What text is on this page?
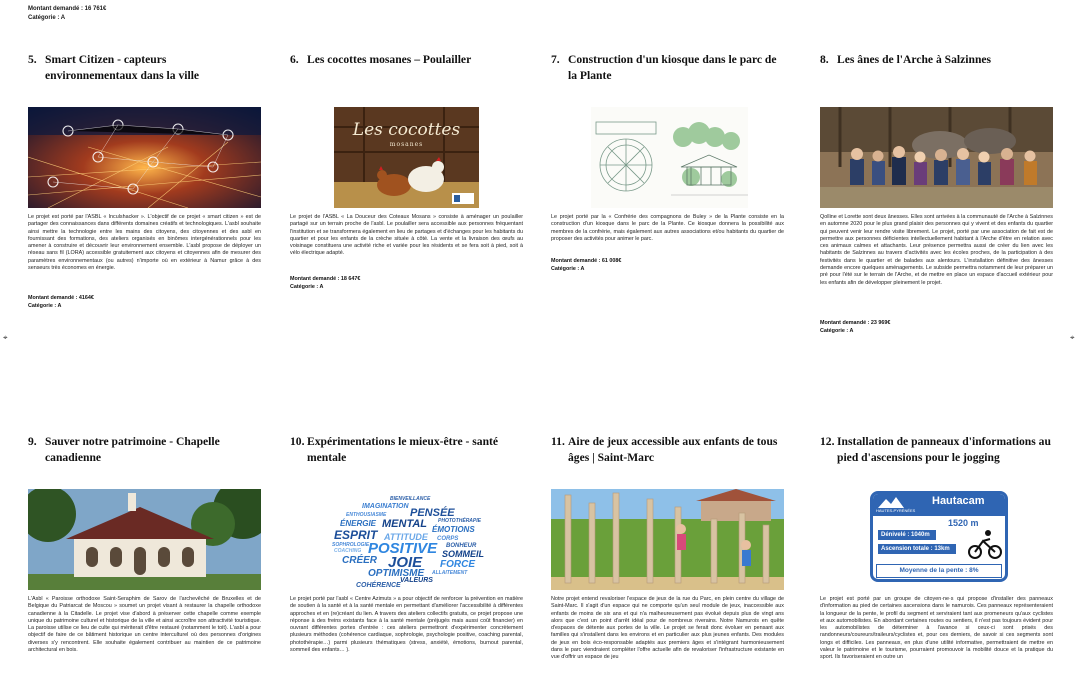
Montant demandé : 16 761€
Catégorie : A
⌖	⌖
5. Smart Citizen - capteurs environnementaux dans la ville

Le projet est porté par l'ASBL « Inculshacker ». L'objectif de ce projet « smart citizen » est de partager des connaissances dans différents domaines créatifs et technologiques. L'asbl souhaite ainsi mettre la technologie entre les mains des citoyens, des citoyennes et des asbl en fournissant des formations, des ateliers organisés en binômes intergénérationnels pour les amener à construire et découvrir leur environnement ensemble. L'asbl propose de déployer un réseau sans fil (LORA) accessible gratuitement aux citoyens et citoyennes afin de mesurer des paramètres environnementaux (ou autres) n'importe où en extérieur à Namur grâce à des senseurs très économes en énergie.

Montant demandé : 4164€
Catégorie : A
6. Les cocottes mosanes – Poulailler
Les cocottes
mosanes

Le projet de l'ASBL « La Douceur des Coteaux Mosans » consiste à aménager un poulailler partagé sur un terrain proche de l'asbl. Le poulailler sera accessible aux personnes fréquentant l'institution et se transformera également en lieu de partages et d'échanges pour les habitants du quartier et pour les enfants de la crèche située à côté. La vente et la livraison des œufs au voisinage constituera une activité riche et variée pour les résidents et se fera soit à pied, soit à vélo électrique adapté.

Montant demandé : 18 647€
Catégorie : A
7. Construction d'un kiosque dans le parc de la Plante

Le projet porté par la « Confrérie des compagnons de Buley » de la Plante consiste en la construction d'un kiosque dans le parc de la Plante. Ce kiosque donnera la possibilité aux membres de la confrérie, mais également aux autres associations et/ou habitants du quartier de proposer des activités pour animer le parc.

Montant demandé : 61 008€
Catégorie : A
8. Les ânes de l'Arche à Salzinnes

Qolline et Lorette sont deux ânesses. Elles sont arrivées à la communauté de l'Arche à Salzinnes en automne 2020 pour le plus grand plaisir des personnes qui y vivent et des enfants du quartier qui peuvent venir leur rendre visite librement. Le projet, porté par une association de fait est de permettre aux personnes déficientes intellectuellement habitant à l'Arche d'être en relation avec ces animaux calmes et attachants. Leur présence permettra aussi de créer du lien avec les habitants de Salzinnes au travers d'activités avec les écoles proches, de la participation à des festivités dans le quartier et de balades aux alentours. L'installation définitive des ânesses demande encore quelques aménagements. Le subside permettra notamment de leur préparer un pré pour l'été sur le terrain de l'Arche, et de mettre en place un espace d'accueil extérieur pour les enfants afin de développer pleinement le projet.

Montant demandé : 23 969€
Catégorie : A
9. Sauver notre patrimoine - Chapelle canadienne

L'Asbl « Paroisse orthodoxe Saint-Seraphim de Sarov de l'archevêché de Bruxelles et de Belgique du Patriarcat de Moscou » soumet un projet visant à restaurer la chapelle orthodoxe canadienne à la Citadelle. Le projet vise d'abord à préserver cette chapelle comme exemple unique du patrimoine culturel et historique de la ville et ainsi accroître son attractivité touristique. La paroisse utilise ce lieu de culte qui mériterait d'être restauré (notamment le toit). L'asbl a pour objectif de faire de ce bâtiment historique un centre interculturel où des personnes d'origines diverses s'y rencontrent. Elle souhaite également contribuer au maintien de ce patrimoine architectural en bois.

10. Expérimentations le mieux-être - santé mentale
BIENVEILLANCE
IMAGINATION
PENSÉE
ENTHOUSIASME
PHOTOTHÉRAPIE
ÉNERGIE MENTAL ÉMOTIONS
ESPRIT ATTITUDE CORPS
SOPHROLOGIE
POSITIVE BONHEUR
COACHING	SOMMEIL
CRÉER JOIE FORCE
ALLAITEMENT
OPTIMISME
VALEURS
COHÉRENCE

Le projet porté par l'asbl « Centre Azimuts » a pour objectif de renforcer la prévention en matière de soutien à la santé et à la santé mentale en permettant d'améliorer l'accessibilité à différentes approches et en (re)créant du lien. A travers des ateliers collectifs gratuits, ce projet propose une réponse à des freins existants face à la santé mentale (préjugés mais aussi coût financier) en ouvrant différentes portes d'entrée : ces ateliers permettront d'expérimenter concrètement plusieurs méthodes (cohérence cardiaque, sophrologie, psychologie positive, coaching parental, photothérapie…) parmi plusieurs thématiques (stress, anxiété, émotions, burnout parental, sommeil des enfants… ).

11. Aire de jeux accessible aux enfants de tous âges | Saint-Marc

Notre projet entend revaloriser l'espace de jeux de la rue du Parc, en plein centre du village de Saint-Marc. Il s'agit d'un espace qui ne comporte qu'un seul module de jeux, inaccessible aux enfants de moins de six ans et qui n'a malheureusement pas évolué depuis plus de vingt ans alors que c'est un point d'arrêt idéal pour de nombreux riverains. Notre Namurois en quête d'espaces de détente aux portes de la ville. Le projet se ferait donc évoluer en pensant aux familles qui s'installent dans les environs et en particulier aux plus jeunes enfants. Des modules de jeux en bois éco-responsable adaptés aux premiers âges et s'intégrant harmonieusement dans le parc viendraient compléter l'offre actuelle afin de revaloriser l'infrastructure existante en vue d'offrir un espace de jeu

12. Installation de panneaux d'informations au pied d'ascensions pour le jogging
HAUTES-PYRÉNÉES
Hautacam
1520 m
Dénivelé : 1040m
Ascension totale : 13km
Moyenne de la pente : 8%

Le projet est porté par un groupe de citoyen·ne·s qui propose d'installer des panneaux d'information au pied de certaines ascensions dans le namurois. Ces panneaux représenteraient la longueur de la pente, le profil du segment et serviraient tant aux promeneurs qu'aux cyclistes et aux automobilistes. En abordant certaines routes ou sentiers, il n'est pas toujours évident pour les automobilistes de déterminer à l'avance si ceux-ci sont prisés des randonneurs/coureurs/traileurs/cyclistes et, pour ces derniers, de savoir si ces segments sont longs et difficiles. Les panneaux, en plus d'une utilité informative, permettraient de mettre en valeur le patrimoine et le tourisme, pourraient promouvoir la mobilité douce et la pratique du sport. Ils favoriseraient en outre un
